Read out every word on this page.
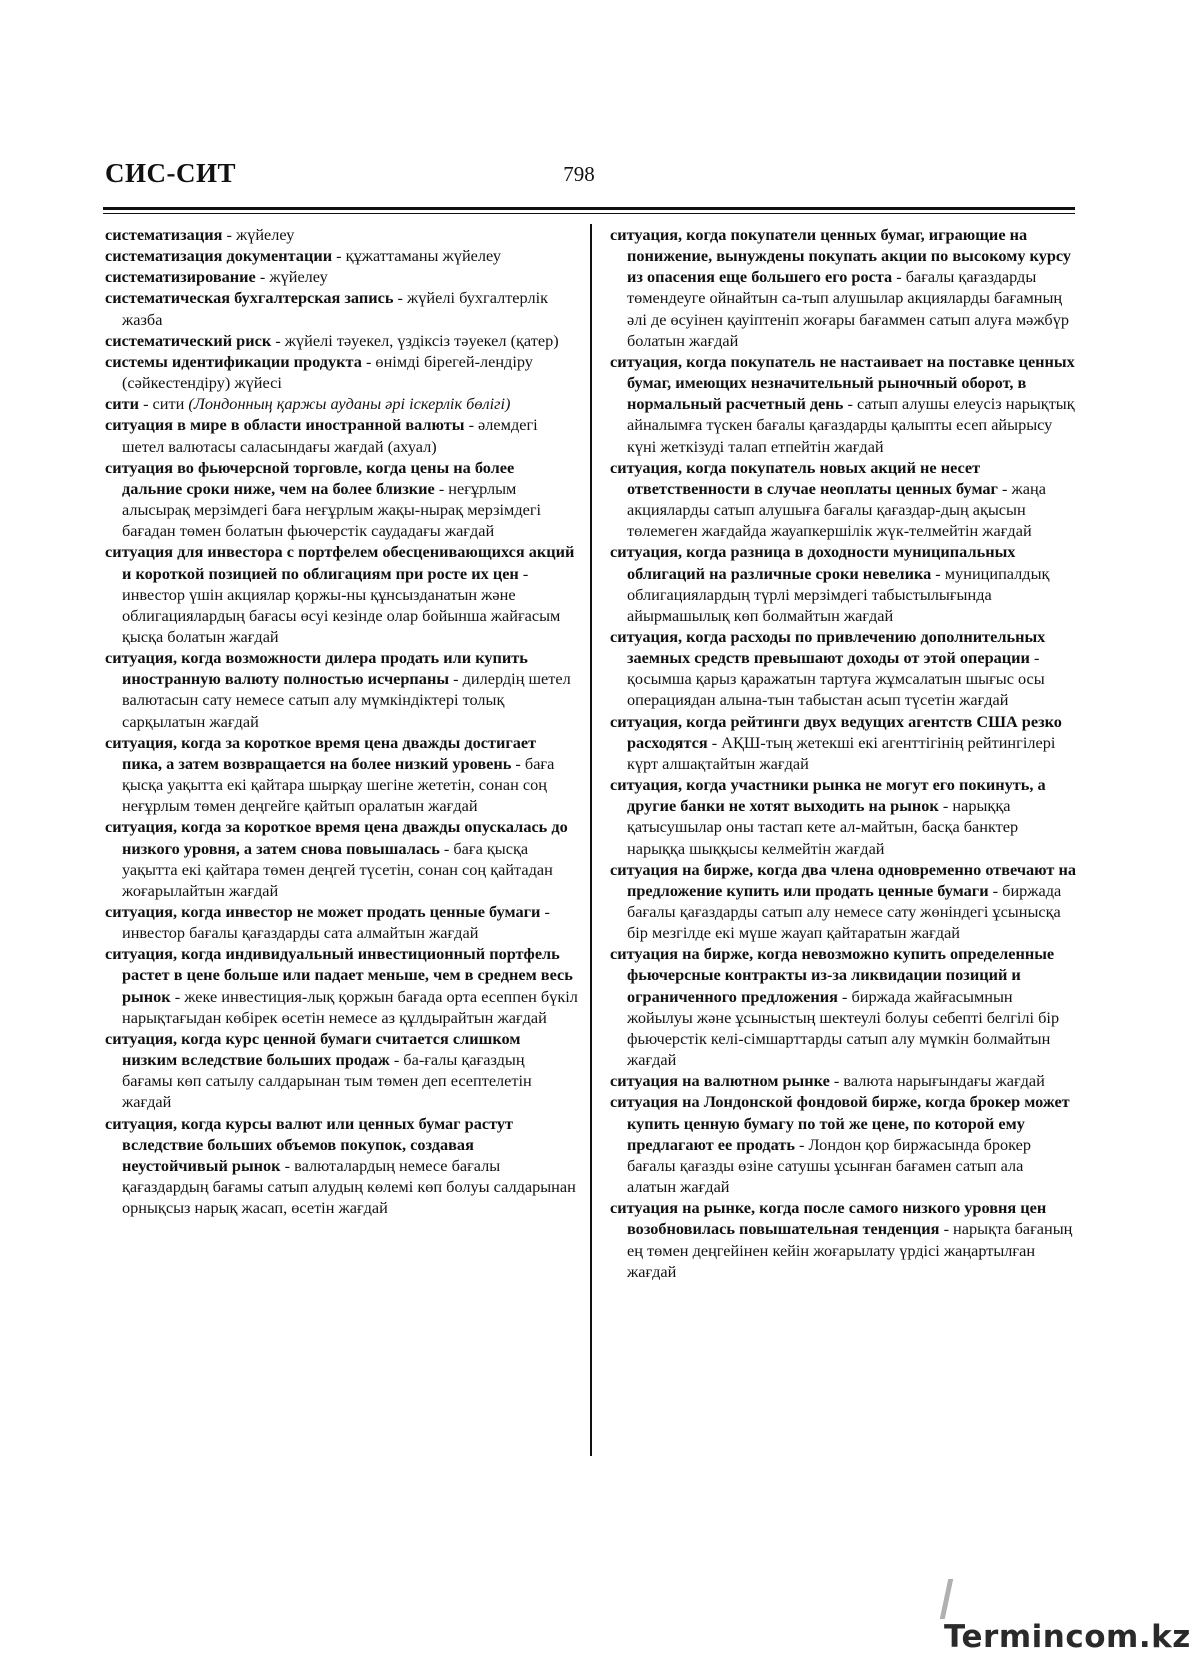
СИС-СИТ	798

систематизация - жүйелеу

систематизация документации - құжаттаманы жүйелеу

систематизирование - жүйелеу

систематическая бухгалтерская запись - жүйелі бухгалтерлік жазба

систематический риск - жүйелі тәуекел, үздіксіз тәуекел (қатер)

системы идентификации продукта - өнімді бірегей-лендіру (сәйкестендіру) жүйесі

сити - сити (Лондонның қаржы ауданы әрі іскерлік бөлігі)

ситуация в мире в области иностранной валюты - әлемдегі шетел валютасы саласындағы жағдай (ахуал)

ситуация во фьючерсной торговле, когда цены на более дальние сроки ниже, чем на более близкие - неғұрлым алысырақ мерзімдегі баға неғұрлым жақы-нырақ мерзімдегі бағадан төмен болатын фьючерстік саудадағы жағдай

ситуация для инвестора с портфелем обесценивающихся акций и короткой позицией по облигациям при росте их цен - инвестор үшін акциялар қоржы-ны құнсызданатын және облигациялардың бағасы өсуі кезінде олар бойынша жайғасым қысқа болатын жағдай

ситуация, когда возможности дилера продать или купить иностранную валюту полностью исчерпаны - дилердің шетел валютасын сату немесе сатып алу мүмкіндіктері толық сарқылатын жағдай

ситуация, когда за короткое время цена дважды достигает пика, а затем возвращается на более низкий уровень - баға қысқа уақытта екі қайтара шырқау шегіне жететін, сонан соң неғұрлым төмен деңгейге қайтып оралатын жағдай

ситуация, когда за короткое время цена дважды опускалась до низкого уровня, а затем снова повышалась - баға қысқа уақытта екі қайтара төмен деңгей түсетін, сонан соң қайтадан жоғарылайтын жағдай

ситуация, когда инвестор не может продать ценные бумаги - инвестор бағалы қағаздарды сата алмайтын жағдай

ситуация, когда индивидуальный инвестиционный портфель растет в цене больше или падает меньше, чем в среднем весь рынок - жеке инвестиция-лық қоржын бағада орта есеппен бүкіл нарықтағыдан көбірек өсетін немесе аз құлдырайтын жағдай

ситуация, когда курс ценной бумаги считается слишком низким вследствие больших продаж - ба-ғалы қағаздың бағамы көп сатылу салдарынан тым төмен деп есептелетін жағдай

ситуация, когда курсы валют или ценных бумаг растут вследствие больших объемов покупок, создавая неустойчивый рынок - валюталардың немесе бағалы қағаздардың бағамы сатып алудың көлемі көп болуы салдарынан орнықсыз нарық жасап, өсетін жағдай

ситуация, когда покупатели ценных бумаг, играющие на понижение, вынуждены покупать акции по высокому курсу из опасения еще большего его роста - бағалы қағаздарды төмендеуге ойнайтын са-тып алушылар акцияларды бағамның әлі де өсуінен қауіптеніп жоғары бағаммен сатып алуға мәжбүр болатын жағдай

ситуация, когда покупатель не настаивает на поставке ценных бумаг, имеющих незначительный рыночный оборот, в нормальный расчетный день - сатып алушы елеусіз нарықтық айналымға түскен бағалы қағаздарды қалыпты есеп айырысу күні жеткізуді талап етпейтін жағдай

ситуация, когда покупатель новых акций не несет ответственности в случае неоплаты ценных бумаг - жаңа акцияларды сатып алушыға бағалы қағаздар-дың ақысын төлемеген жағдайда жауапкершілік жүк-телмейтін жағдай

ситуация, когда разница в доходности муниципальных облигаций на различные сроки невелика - муниципалдық облигациялардың түрлі мерзімдегі табыстылығында айырмашылық көп болмайтын жағдай

ситуация, когда расходы по привлечению дополнительных заемных средств превышают доходы от этой операции - қосымша қарыз қаражатын тартуға жұмсалатын шығыс осы операциядан алына-тын табыстан асып түсетін жағдай

ситуация, когда рейтинги двух ведущих агентств США резко расходятся - АҚШ-тың жетекші екі агенттігінің рейтингілері күрт алшақтайтын жағдай

ситуация, когда участники рынка не могут его покинуть, а другие банки не хотят выходить на рынок - нарыққа қатысушылар оны тастап кете ал-майтын, басқа банктер нарыққа шыққысы келмейтін жағдай

ситуация на бирже, когда два члена одновременно отвечают на предложение купить или продать ценные бумаги - биржада бағалы қағаздарды сатып алу немесе сату жөніндегі ұсынысқа бір мезгілде екі мүше жауап қайтаратын жағдай

ситуация на бирже, когда невозможно купить определенные фьючерсные контракты из-за ликвидации позиций и ограниченного предложения - биржада жайғасымнын жойылуы және ұсыныстың шектеулі болуы себепті белгілі бір фьючерстік келі-сімшарттарды сатып алу мүмкін болмайтын жағдай

ситуация на валютном рынке - валюта нарығындағы жағдай

ситуация на Лондонской фондовой бирже, когда брокер может купить ценную бумагу по той же цене, по которой ему предлагают ее продать - Лондон қор биржасында брокер бағалы қағазды өзіне сатушы ұсынған бағамен сатып ала алатын жағдай

ситуация на рынке, когда после самого низкого уровня цен возобновилась повышательная тенденция - нарықта бағаның ең төмен деңгейінен кейін жоғарылату үрдісі жаңартылған жағдай

Termincom.kz
